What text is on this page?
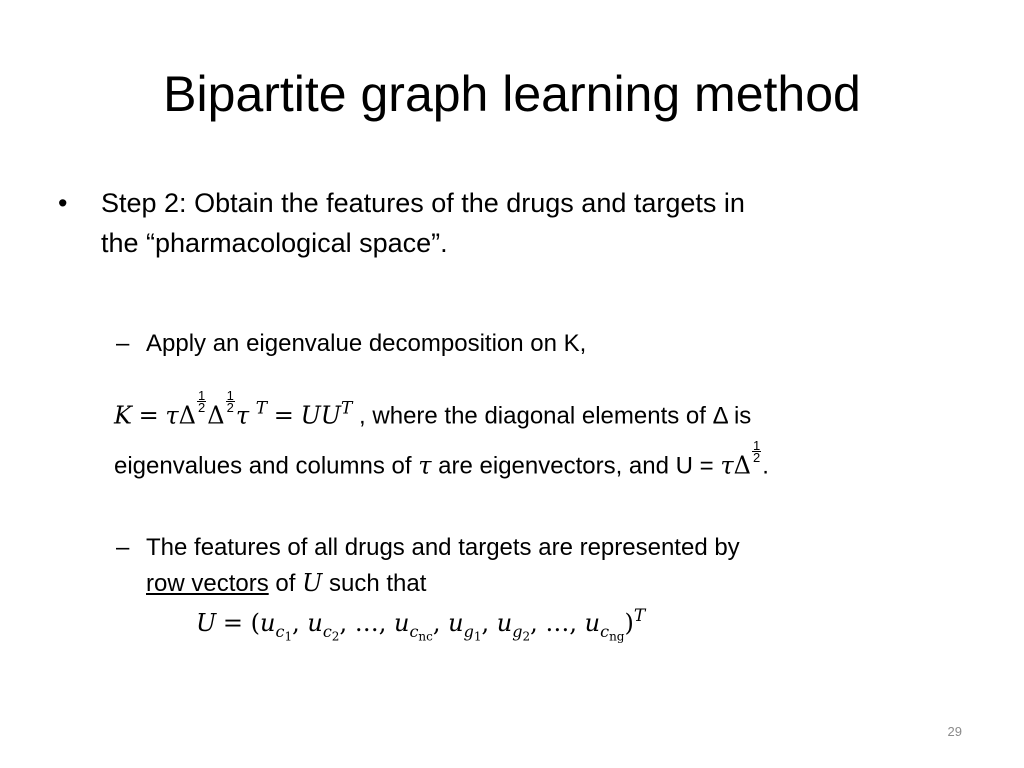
Bipartite graph learning method
• Step 2: Obtain the features of the drugs and targets in
the “pharmacological space”.
– Apply an eigenvalue decomposition on K,
K = τΔ
$\frac{1}{2}$
Δ
$\frac{1}{2}$
τ $^T = UU^T$ , where the diagonal elements of Δ is
eigenvalues and columns of τ are eigenvectors, and U = τΔ
$\frac{1}{2}$
.
– The features of all drugs and targets are represented by
row vectors of U such that
$U = (u_{c_1}$, $u_{c_2}$, …, $u_{c_{nc}}$, $u_{g_1}$, $u_{g_2}$, …, $u_{c_{ng}})^T$
29
